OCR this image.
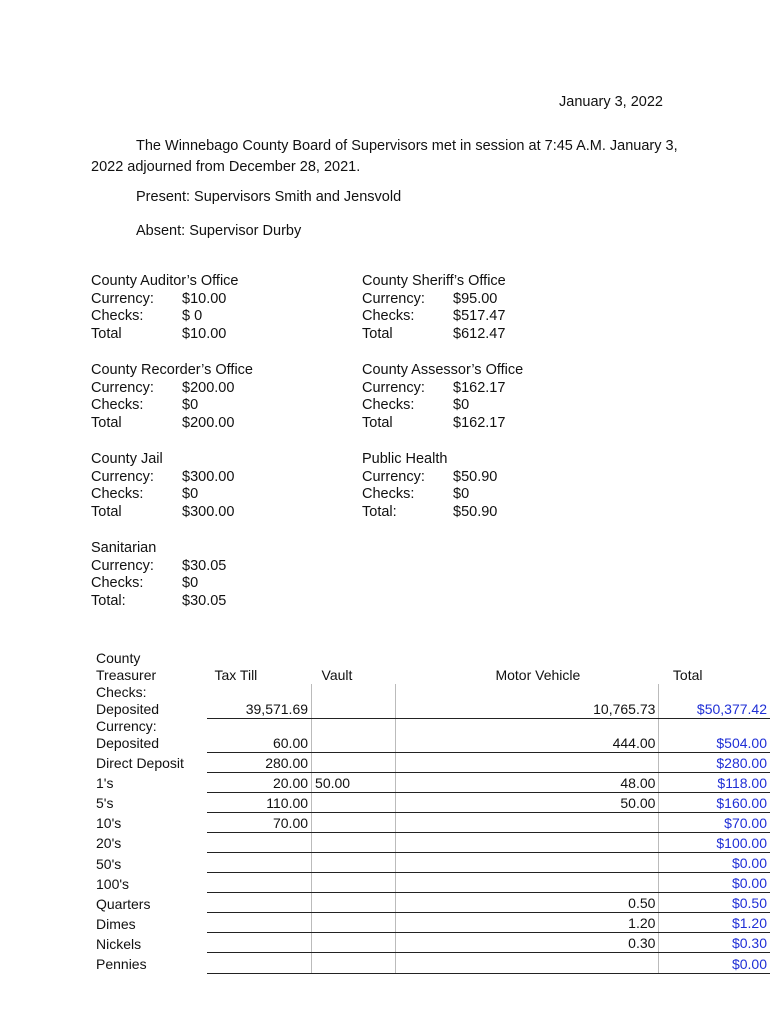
January 3, 2022
The Winnebago County Board of Supervisors met in session at 7:45 A.M. January 3, 2022 adjourned from December 28, 2021.
Present: Supervisors Smith and Jensvold
Absent: Supervisor Durby
County Auditor’s Office
Currency:	$10.00
Checks:	$ 0
Total	$10.00
County Sheriff’s Office
Currency:	$95.00
Checks:	$517.47
Total	$612.47
County Recorder’s Office
Currency:	$200.00
Checks:	$0
Total	$200.00
County Assessor’s Office
Currency:	$162.17
Checks:	$0
Total	$162.17
County Jail
Currency:	$300.00
Checks:	$0
Total	$300.00
Public Health
Currency:	$50.90
Checks:	$0
Total:	$50.90
Sanitarian
Currency:	$30.05
Checks:	$0
Total:	$30.05
County Treasurer	Tax Till	Vault	Motor Vehicle	Total
Checks: Deposited	39,571.69		10,765.73	$50,377.42
Currency: Deposited	60.00		444.00	$504.00
Direct Deposit	280.00			$280.00
1's	20.00	50.00	48.00	$118.00
5's	110.00		50.00	$160.00
10's	70.00			$70.00
20's				$100.00
50's				$0.00
100's				$0.00
Quarters			0.50	$0.50
Dimes			1.20	$1.20
Nickels			0.30	$0.30
Pennies				$0.00
